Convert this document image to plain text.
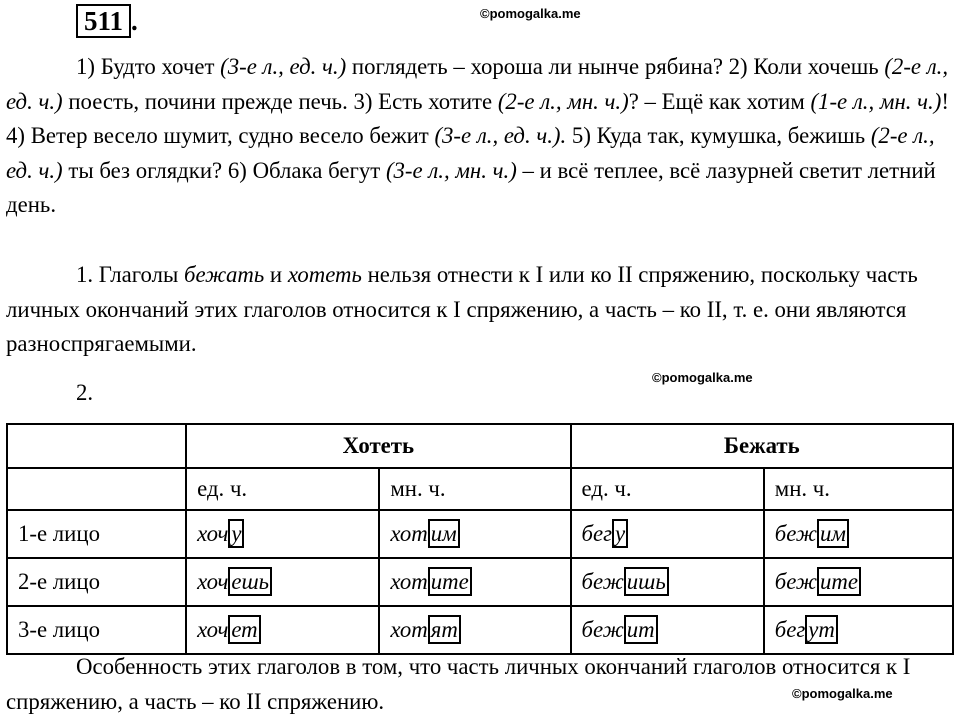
511 .	©pomogalka.me
©pomogalka.me
©pomogalka.me

1) Будто хочет (3-е л., ед. ч.) поглядеть – хороша ли нынче рябина? 2) Коли хочешь (2-е л., ед. ч.) поесть, почини прежде печь. 3) Есть хотите (2-е л., мн. ч.)? – Ещё как хотим (1-е л., мн. ч.)! 4) Ветер весело шумит, судно весело бежит (3-е л., ед. ч.). 5) Куда так, кумушка, бежишь (2-е л., ед. ч.) ты без оглядки? 6) Облака бегут (3-е л., мн. ч.) – и всё теплее, всё лазурней светит летний день.

1. Глаголы бежать и хотеть нельзя отнести к I или ко II спряжению, поскольку часть личных окончаний этих глаголов относится к I спряжению, а часть – ко II, т. е. они являются разноспрягаемыми.

2.
	Хотеть		Бежать	
	ед. ч.	мн. ч.	ед. ч.	мн. ч.
1-е лицо	хоч у	хот им	бег у	беж им
2-е лицо	хоч ешь	хот ите	беж ишь	беж ите
3-е лицо	хоч ет	хот ят	беж ит	бег ут

Особенность этих глаголов в том, что часть личных окончаний глаголов относится к I спряжению, а часть – ко II спряжению.
